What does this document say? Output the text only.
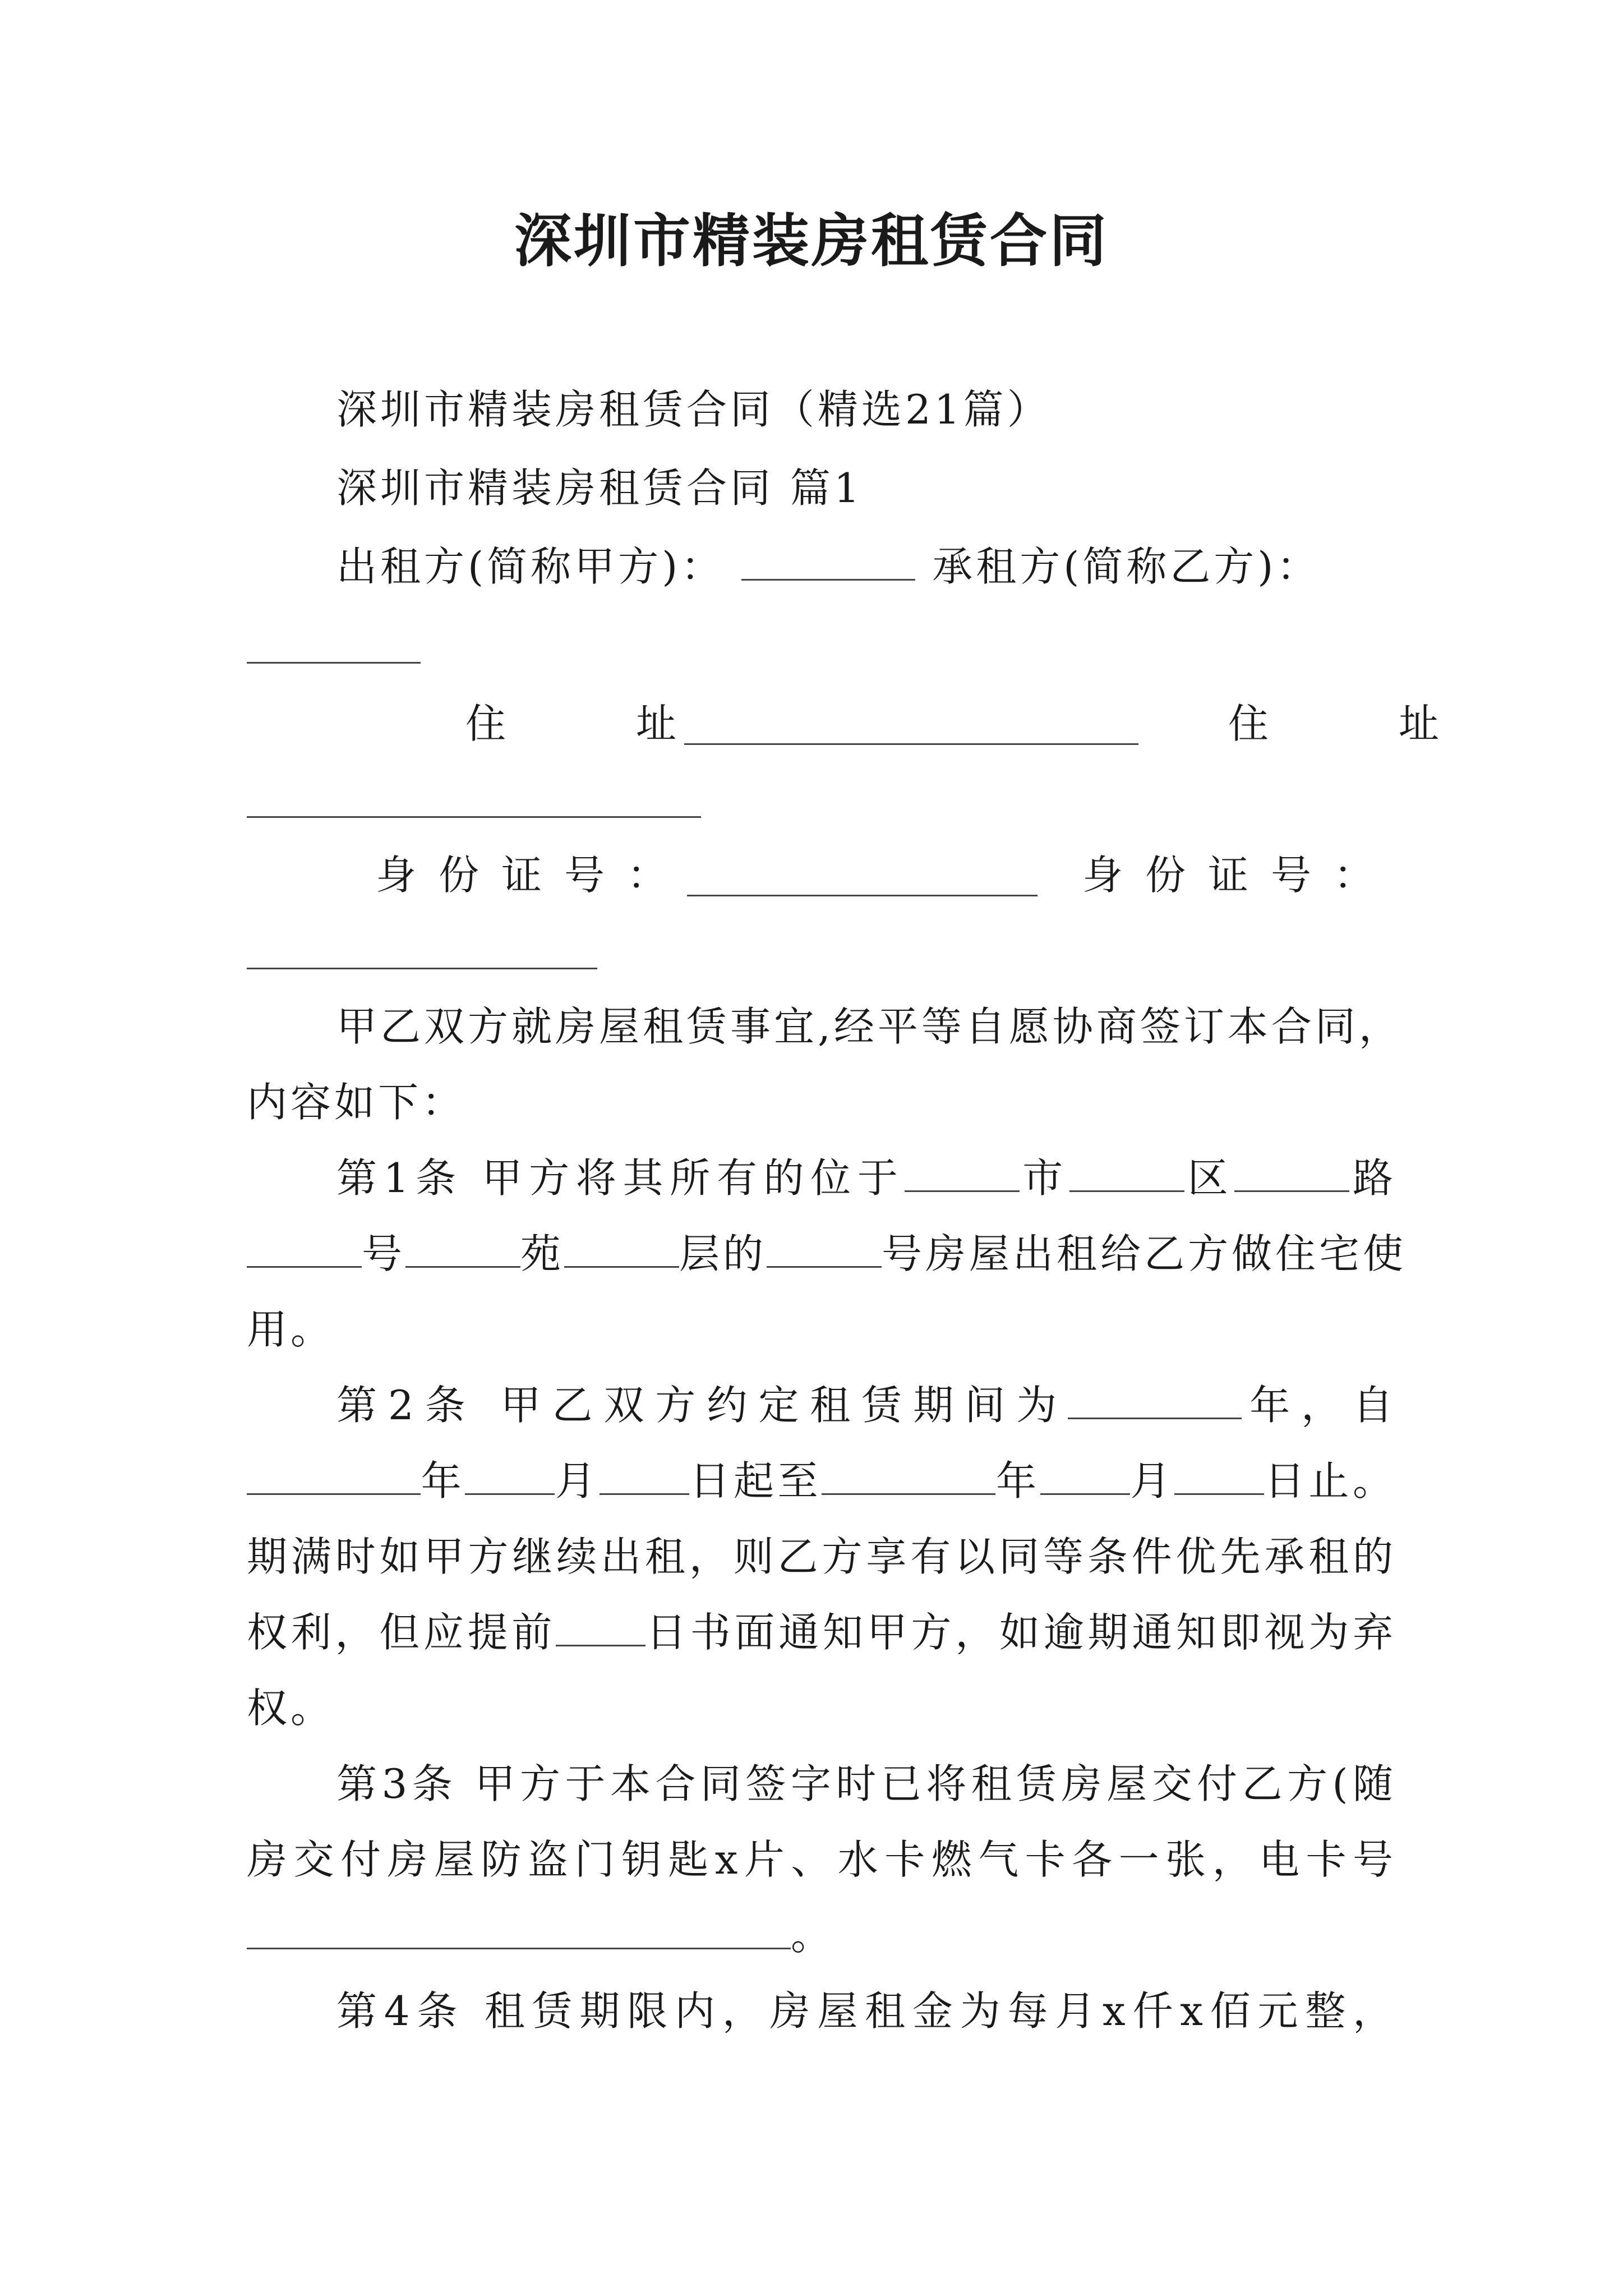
深圳市精装房租赁合同
深圳市精装房租赁合同（精选21篇）
深圳市精装房租赁合同 篇1
出租方(简称甲方)：	承租方(简称乙方)：
住　址	住　址
身份证号：	身份证号：
甲乙双方就房屋租赁事宜,经平等自愿协商签订本合同，
内容如下：
第1条 甲方将其所有的位于	市	区	路
号	苑	层的	号房屋出租给乙方做住宅使
用。
第2条 甲乙双方约定租赁期间为	年，自
年 月 日起至	年 月 日止。
期满时如甲方继续出租，则乙方享有以同等条件优先承租的
权利，但应提前 日书面通知甲方，如逾期通知即视为弃
权。
第3条 甲方于本合同签字时已将租赁房屋交付乙方(随
房交付房屋防盗门钥匙x片、水卡燃气卡各一张，电卡号
。
第4条 租赁期限内，房屋租金为每月x仟x佰元整，
